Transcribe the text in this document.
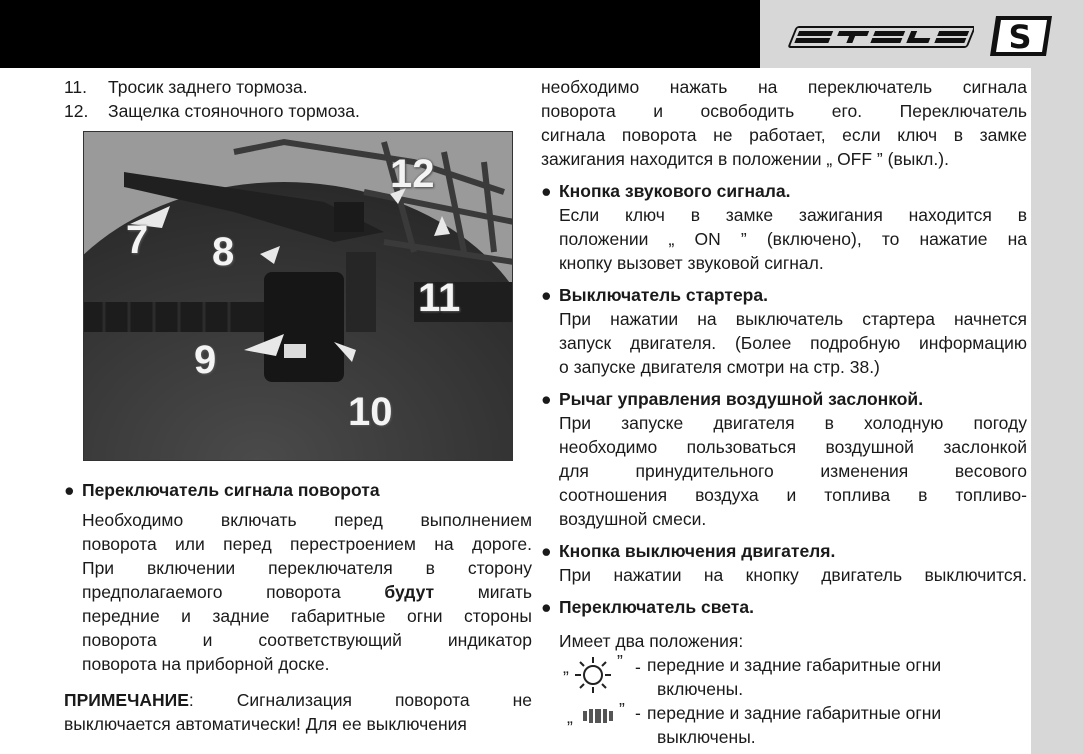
S
11.	Тросик заднего тормоза.
12.	Защелка стояночного тормоза.
7 8
9
10
11
12
● Переключатель сигнала поворота
Необходимо включать перед выполнением
поворота или перед перестроением на дороге.
При включении переключателя в сторону
предполагаемого поворота будут мигать
передние и задние габаритные огни стороны
поворота и соответствующий индикатор
поворота на приборной доске.
ПРИМЕЧАНИЕ: Сигнализация поворота не
выключается автоматически! Для ее выключения
необходимо нажать на переключатель сигнала
поворота и освободить его. Переключатель
сигнала поворота не работает, если ключ в замке
зажигания находится в положении „ OFF ” (выкл.).
● Кнопка звукового сигнала.
Если ключ в замке зажигания находится в
положении „ ON ” (включено), то нажатие на
кнопку вызовет звуковой сигнал.
● Выключатель стартера.
При нажатии на выключатель стартера начнется
запуск двигателя. (Более подробную информацию
о запуске двигателя смотри на стр. 38.)
● Рычаг управления воздушной заслонкой.
При запуске двигателя в холодную погоду
необходимо пользоваться воздушной заслонкой
для принудительного изменения весового
соотношения воздуха и топлива в топливо-
воздушной смеси.
● Кнопка выключения двигателя.
При нажатии на кнопку двигатель выключится.
● Переключатель света.
Имеет два положения:
„	” - передние и задние габаритные огни
включены.
„	” - передние и задние габаритные огни
выключены.
